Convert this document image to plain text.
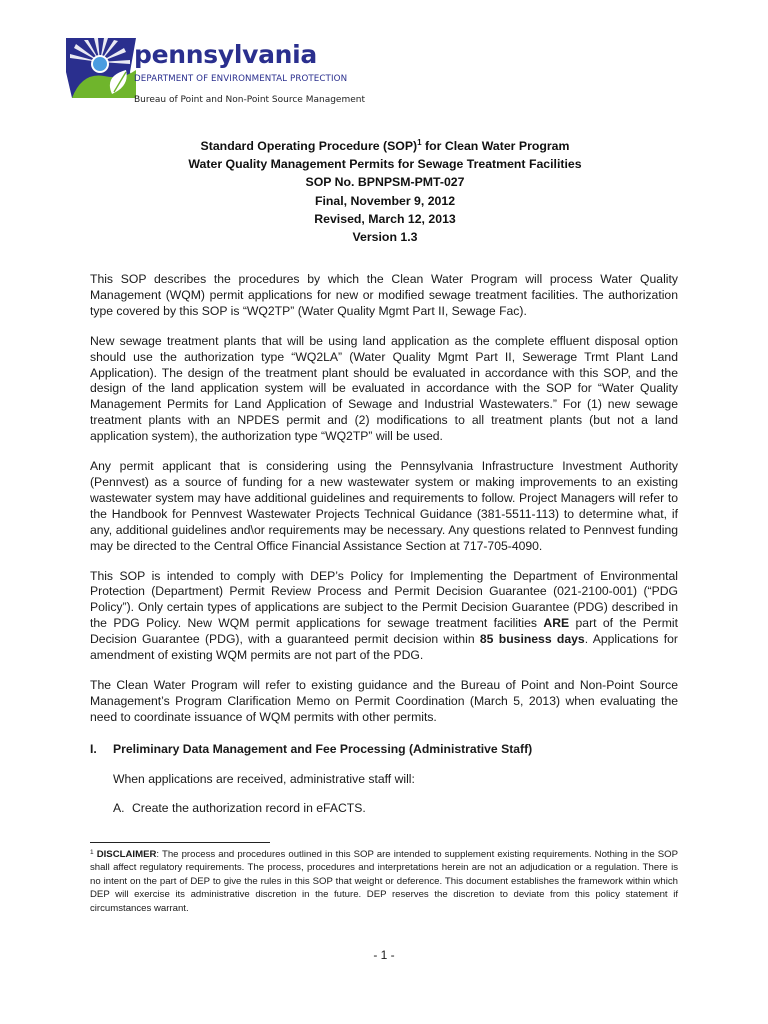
pennsylvania
DEPARTMENT OF ENVIRONMENTAL PROTECTION
Bureau of Point and Non-Point Source Management
Standard Operating Procedure (SOP)$^1$ for Clean Water Program
Water Quality Management Permits for Sewage Treatment Facilities
SOP No. BPNPSM-PMT-027
Final, November 9, 2012
Revised, March 12, 2013
Version 1.3

This SOP describes the procedures by which the Clean Water Program will process Water Quality Management (WQM) permit applications for new or modified sewage treatment facilities. The authorization type covered by this SOP is “WQ2TP” (Water Quality Mgmt Part II, Sewage Fac).

New sewage treatment plants that will be using land application as the complete effluent disposal option should use the authorization type “WQ2LA” (Water Quality Mgmt Part II, Sewerage Trmt Plant Land Application). The design of the treatment plant should be evaluated in accordance with this SOP, and the design of the land application system will be evaluated in accordance with the SOP for “Water Quality Management Permits for Land Application of Sewage and Industrial Wastewaters.” For (1) new sewage treatment plants with an NPDES permit and (2) modifications to all treatment plants (but not a land application system), the authorization type “WQ2TP” will be used.

Any permit applicant that is considering using the Pennsylvania Infrastructure Investment Authority (Pennvest) as a source of funding for a new wastewater system or making improvements to an existing wastewater system may have additional guidelines and requirements to follow. Project Managers will refer to the Handbook for Pennvest Wastewater Projects Technical Guidance (381-5511-113) to determine what, if any, additional guidelines and\or requirements may be necessary. Any questions related to Pennvest funding may be directed to the Central Office Financial Assistance Section at 717-705-4090.

This SOP is intended to comply with DEP’s Policy for Implementing the Department of Environmental Protection (Department) Permit Review Process and Permit Decision Guarantee (021-2100-001) (“PDG Policy”). Only certain types of applications are subject to the Permit Decision Guarantee (PDG) described in the PDG Policy. New WQM permit applications for sewage treatment facilities ARE part of the Permit Decision Guarantee (PDG), with a guaranteed permit decision within 85 business days. Applications for amendment of existing WQM permits are not part of the PDG.

The Clean Water Program will refer to existing guidance and the Bureau of Point and Non-Point Source Management’s Program Clarification Memo on Permit Coordination (March 5, 2013) when evaluating the need to coordinate issuance of WQM permits with other permits.

I.	Preliminary Data Management and Fee Processing (Administrative Staff)
When applications are received, administrative staff will:
A. Create the authorization record in eFACTS.
$^1$ DISCLAIMER: The process and procedures outlined in this SOP are intended to supplement existing requirements. Nothing in the SOP shall affect regulatory requirements. The process, procedures and interpretations herein are not an adjudication or a regulation. There is no intent on the part of DEP to give the rules in this SOP that weight or deference. This document establishes the framework within which DEP will exercise its administrative discretion in the future. DEP reserves the discretion to deviate from this policy statement if circumstances warrant.
- 1 -
